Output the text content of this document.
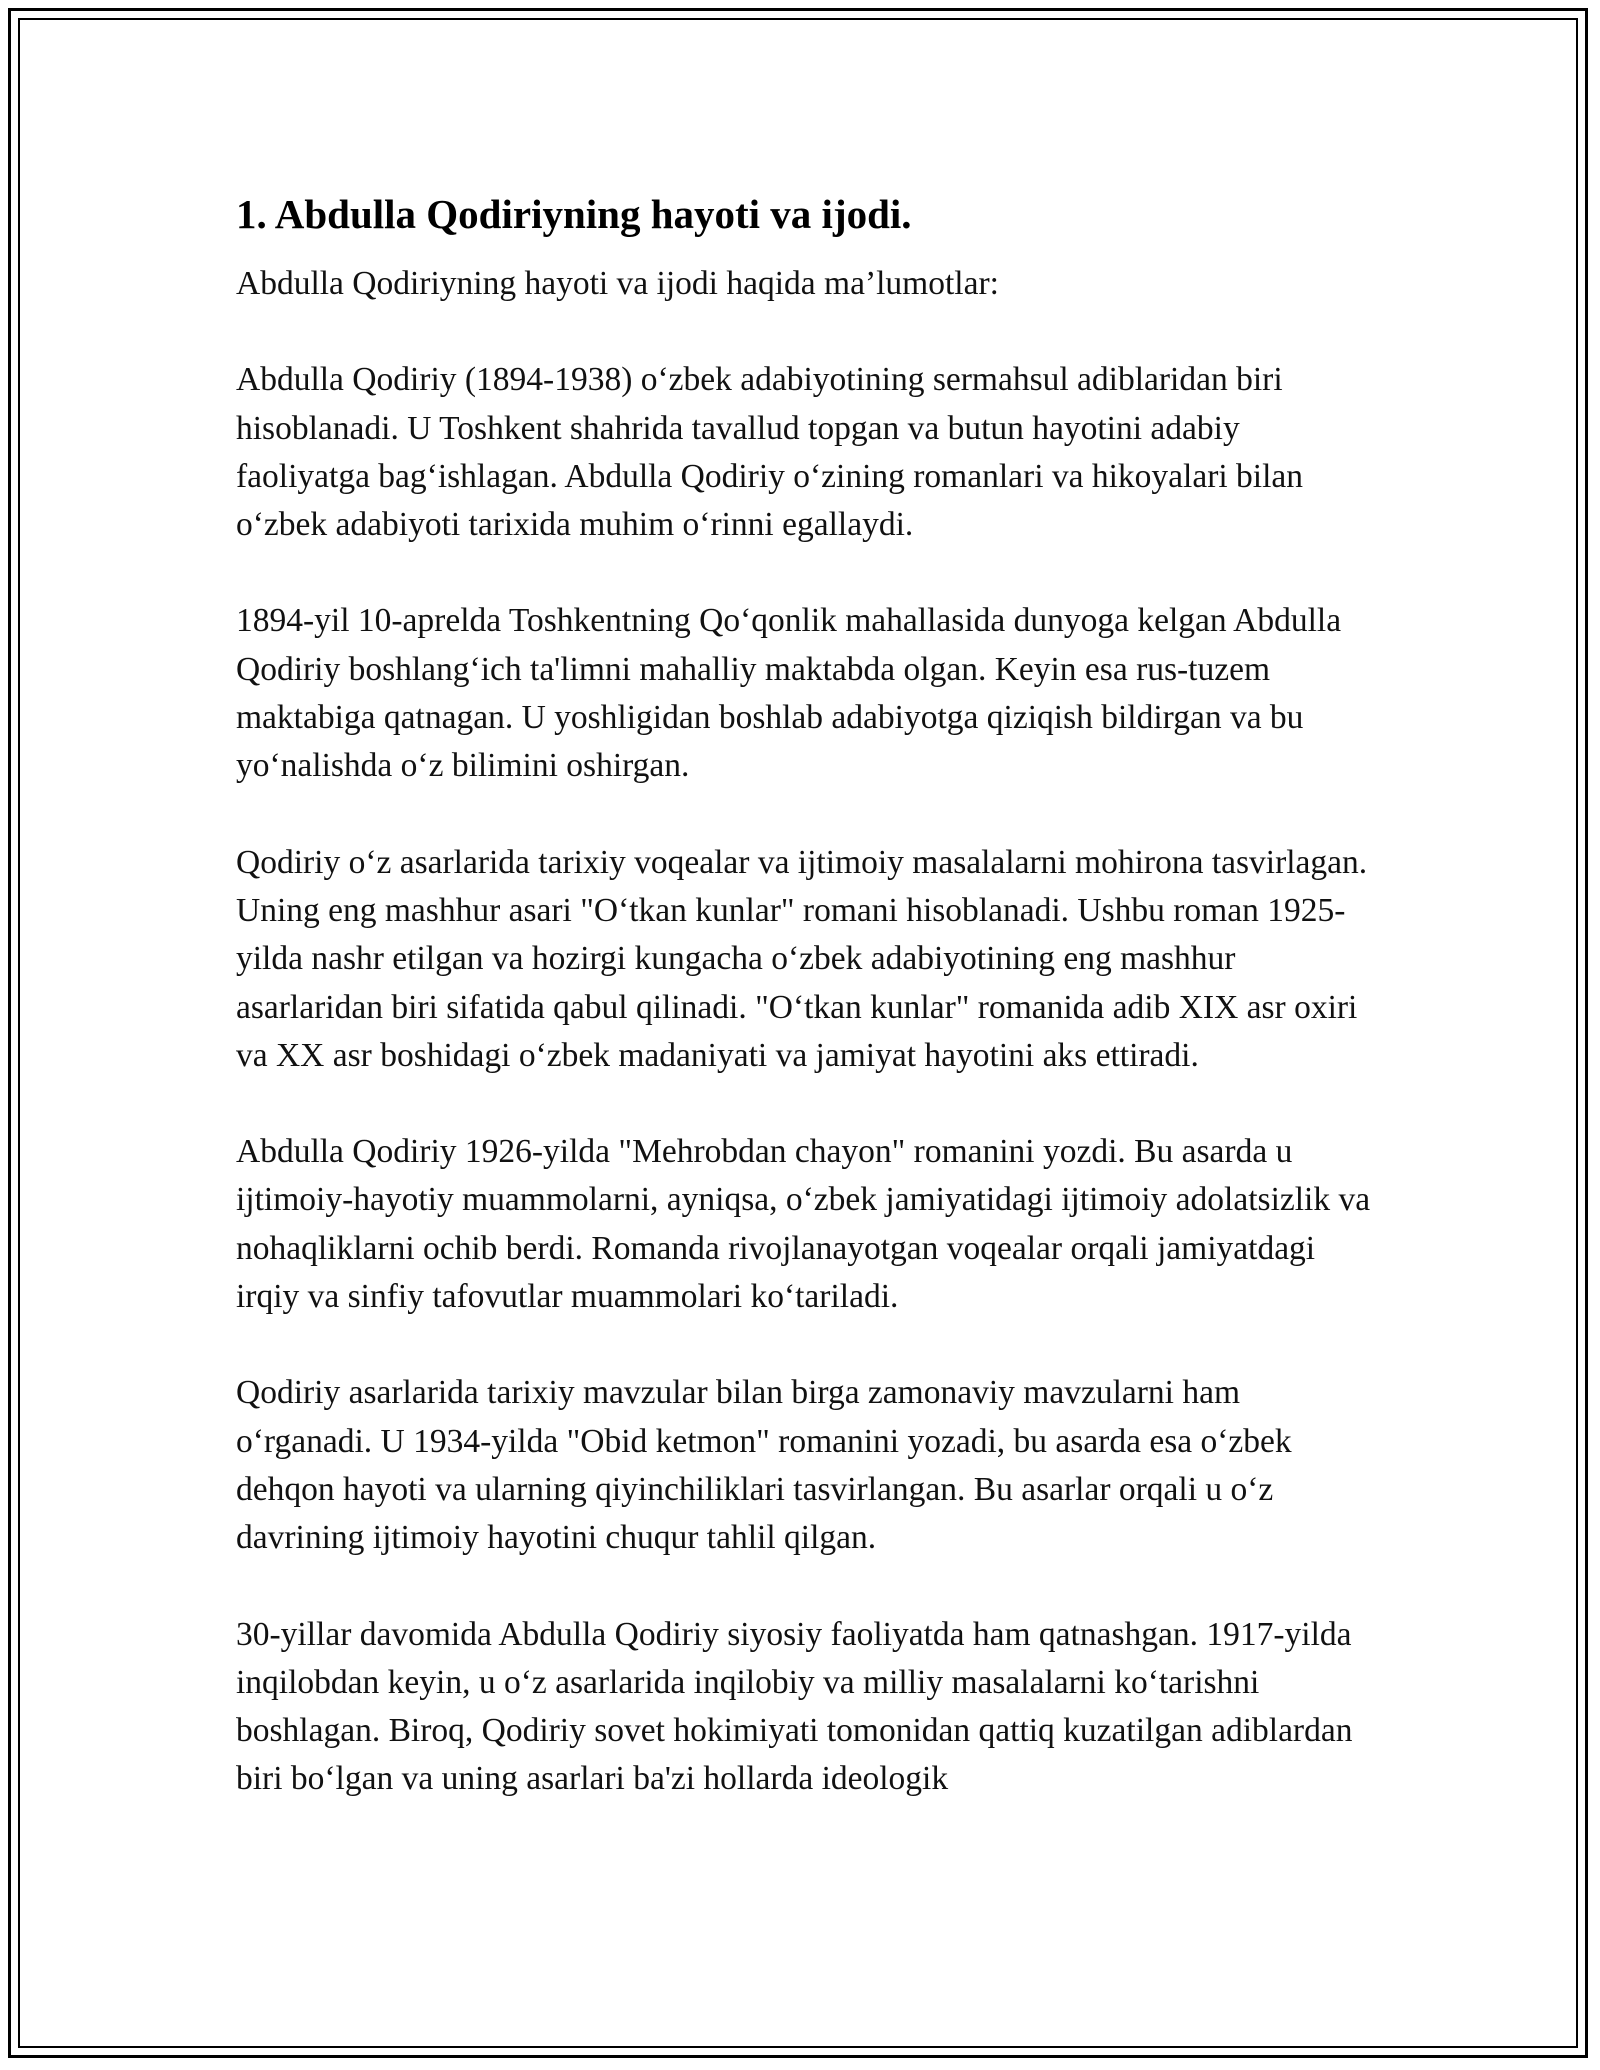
1. Abdulla Qodiriyning hayoti va ijodi.

Abdulla Qodiriyning hayoti va ijodi haqida ma’lumotlar:

Abdulla Qodiriy (1894-1938) o‘zbek adabiyotining sermahsul adiblaridan biri hisoblanadi. U Toshkent shahrida tavallud topgan va butun hayotini adabiy faoliyatga bag‘ishlagan. Abdulla Qodiriy o‘zining romanlari va hikoyalari bilan o‘zbek adabiyoti tarixida muhim o‘rinni egallaydi.

1894-yil 10-aprelda Toshkentning Qo‘qonlik mahallasida dunyoga kelgan Abdulla Qodiriy boshlang‘ich ta'limni mahalliy maktabda olgan. Keyin esa rus-tuzem maktabiga qatnagan. U yoshligidan boshlab adabiyotga qiziqish bildirgan va bu yo‘nalishda o‘z bilimini oshirgan.

Qodiriy o‘z asarlarida tarixiy voqealar va ijtimoiy masalalarni mohirona tasvirlagan. Uning eng mashhur asari "O‘tkan kunlar" romani hisoblanadi. Ushbu roman 1925-yilda nashr etilgan va hozirgi kungacha o‘zbek adabiyotining eng mashhur asarlaridan biri sifatida qabul qilinadi. "O‘tkan kunlar" romanida adib XIX asr oxiri va XX asr boshidagi o‘zbek madaniyati va jamiyat hayotini aks ettiradi.

Abdulla Qodiriy 1926-yilda "Mehrobdan chayon" romanini yozdi. Bu asarda u ijtimoiy-hayotiy muammolarni, ayniqsa, o‘zbek jamiyatidagi ijtimoiy adolatsizlik va nohaqliklarni ochib berdi. Romanda rivojlanayotgan voqealar orqali jamiyatdagi irqiy va sinfiy tafovutlar muammolari ko‘tariladi.

Qodiriy asarlarida tarixiy mavzular bilan birga zamonaviy mavzularni ham o‘rganadi. U 1934-yilda "Obid ketmon" romanini yozadi, bu asarda esa o‘zbek dehqon hayoti va ularning qiyinchiliklari tasvirlangan. Bu asarlar orqali u o‘z davrining ijtimoiy hayotini chuqur tahlil qilgan.

30-yillar davomida Abdulla Qodiriy siyosiy faoliyatda ham qatnashgan. 1917-yilda inqilobdan keyin, u o‘z asarlarida inqilobiy va milliy masalalarni ko‘tarishni boshlagan. Biroq, Qodiriy sovet hokimiyati tomonidan qattiq kuzatilgan adiblardan biri bo‘lgan va uning asarlari ba'zi hollarda ideologik
